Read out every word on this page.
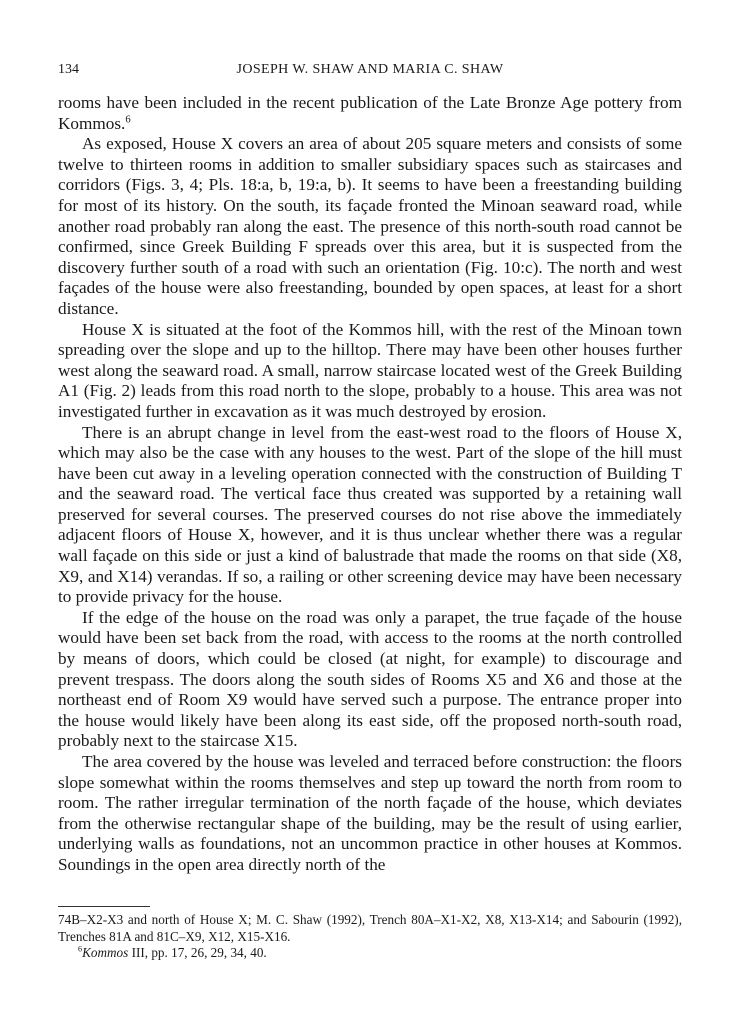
134	JOSEPH W. SHAW AND MARIA C. SHAW

rooms have been included in the recent publication of the Late Bronze Age pottery from Kommos.$^6$

As exposed, House X covers an area of about 205 square meters and consists of some twelve to thirteen rooms in addition to smaller subsidiary spaces such as staircases and corridors (Figs. 3, 4; Pls. 18:a, b, 19:a, b). It seems to have been a freestanding building for most of its history. On the south, its façade fronted the Minoan seaward road, while another road probably ran along the east. The presence of this north-south road cannot be confirmed, since Greek Building F spreads over this area, but it is suspected from the discovery further south of a road with such an orientation (Fig. 10:c). The north and west façades of the house were also freestanding, bounded by open spaces, at least for a short distance.

House X is situated at the foot of the Kommos hill, with the rest of the Minoan town spreading over the slope and up to the hilltop. There may have been other houses further west along the seaward road. A small, narrow staircase located west of the Greek Building A1 (Fig. 2) leads from this road north to the slope, probably to a house. This area was not investigated further in excavation as it was much destroyed by erosion.

There is an abrupt change in level from the east-west road to the floors of House X, which may also be the case with any houses to the west. Part of the slope of the hill must have been cut away in a leveling operation connected with the construction of Building T and the seaward road. The vertical face thus created was supported by a retaining wall preserved for several courses. The preserved courses do not rise above the immediately adjacent floors of House X, however, and it is thus unclear whether there was a regular wall façade on this side or just a kind of balustrade that made the rooms on that side (X8, X9, and X14) verandas. If so, a railing or other screening device may have been necessary to provide privacy for the house.

If the edge of the house on the road was only a parapet, the true façade of the house would have been set back from the road, with access to the rooms at the north controlled by means of doors, which could be closed (at night, for example) to discourage and prevent trespass. The doors along the south sides of Rooms X5 and X6 and those at the northeast end of Room X9 would have served such a purpose. The entrance proper into the house would likely have been along its east side, off the proposed north-south road, probably next to the staircase X15.

The area covered by the house was leveled and terraced before construction: the floors slope somewhat within the rooms themselves and step up toward the north from room to room. The rather irregular termination of the north façade of the house, which deviates from the otherwise rectangular shape of the building, may be the result of using earlier, underlying walls as foundations, not an uncommon practice in other houses at Kommos. Soundings in the open area directly north of the

74B–X2-X3 and north of House X; M. C. Shaw (1992), Trench 80A–X1-X2, X8, X13-X14; and Sabourin (1992), Trenches 81A and 81C–X9, X12, X15-X16.

$^6$Kommos III, pp. 17, 26, 29, 34, 40.
